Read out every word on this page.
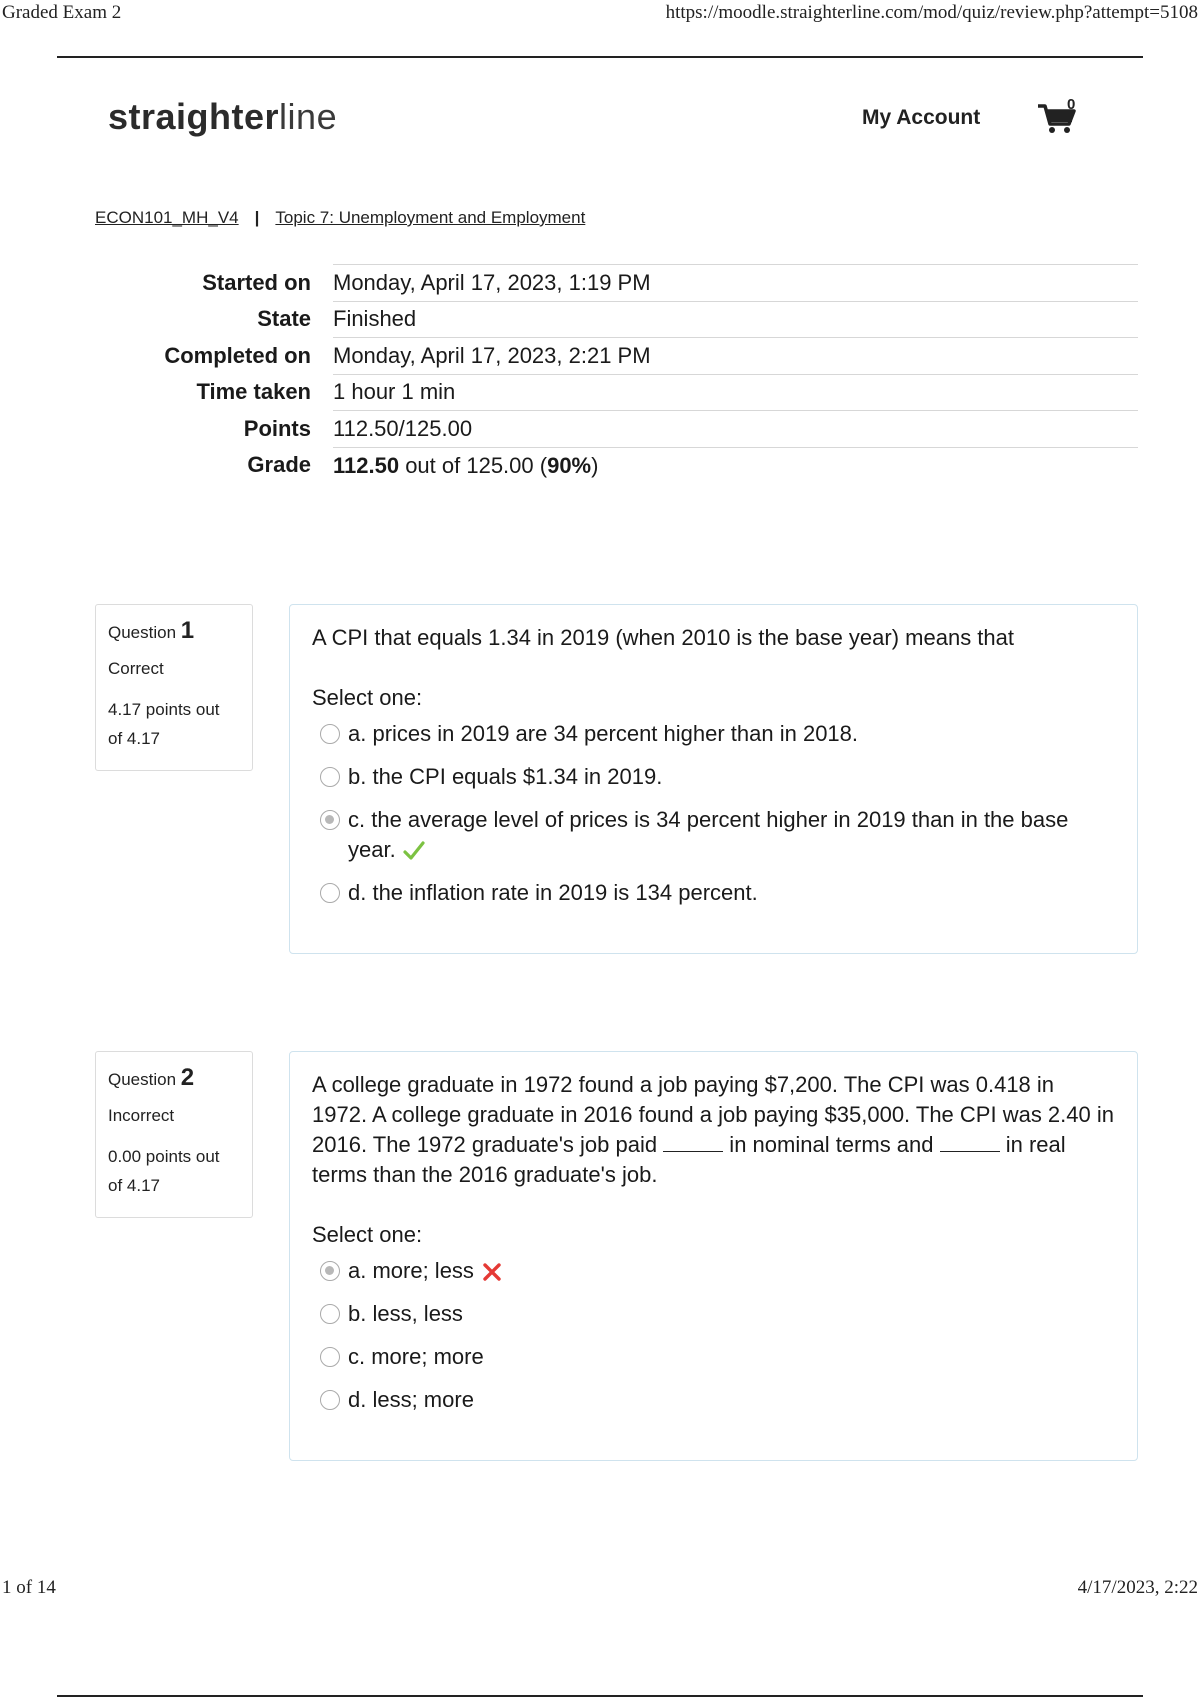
Graded Exam 2	https://moodle.straighterline.com/mod/quiz/review.php?attempt=5108
straighterline	My Account
0
ECON101_MH_V4 | Topic 7: Unemployment and Employment
Started on	Monday, April 17, 2023, 1:19 PM
State	Finished
Completed on	Monday, April 17, 2023, 2:21 PM
Time taken	1 hour 1 min
Points	112.50/125.00
Grade	112.50 out of 125.00 (90%)
Question 1
Correct
4.17 points out of 4.17

A CPI that equals 1.34 in 2019 (when 2010 is the base year) means that

Select one:
a. prices in 2019 are 34 percent higher than in 2018.
b. the CPI equals $1.34 in 2019.
c. the average level of prices is 34 percent higher in 2019 than in the base year.
d. the inflation rate in 2019 is 134 percent.
Question 2
Incorrect
0.00 points out of 4.17

A college graduate in 1972 found a job paying $7,200. The CPI was 0.418 in 1972. A college graduate in 2016 found a job paying $35,000. The CPI was 2.40 in 2016. The 1972 graduate's job paid	in nominal terms and	in real terms than the 2016 graduate's job.

Select one:
a. more; less
b. less, less
c. more; more
d. less; more
1 of 14	4/17/2023, 2:22
